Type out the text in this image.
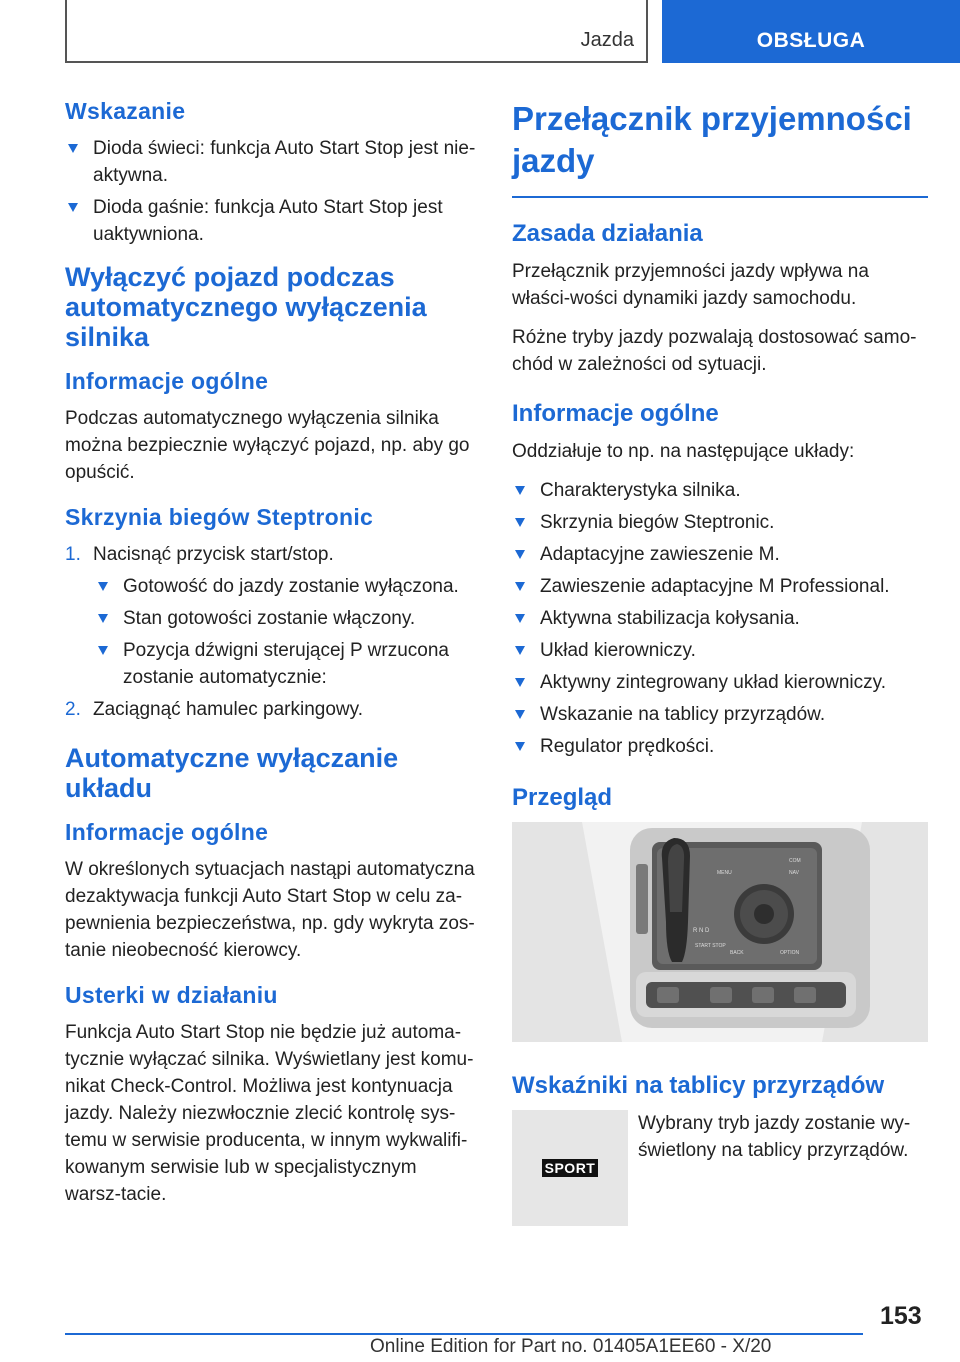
Jazda	OBSŁUGA
Wskazanie
Dioda świeci: funkcja Auto Start Stop jest nie-aktywna.
Dioda gaśnie: funkcja Auto Start Stop jest uaktywniona.
Wyłączyć pojazd podczas automatycznego wyłączenia silnika
Informacje ogólne

Podczas automatycznego wyłączenia silnika można bezpiecznie wyłączyć pojazd, np. aby go opuścić.

Skrzynia biegów Steptronic
1. Nacisnąć przycisk start/stop.
Gotowość do jazdy zostanie wyłączona.
Stan gotowości zostanie włączony.
Pozycja dźwigni sterującej P wrzucona zostanie automatycznie:
2. Zaciągnąć hamulec parkingowy.
Automatyczne wyłączanie układu
Informacje ogólne

W określonych sytuacjach nastąpi automatyczna dezaktywacja funkcji Auto Start Stop w celu za-pewnienia bezpieczeństwa, np. gdy wykryta zos-tanie nieobecność kierowcy.

Usterki w działaniu

Funkcja Auto Start Stop nie będzie już automa-tycznie wyłączać silnika. Wyświetlany jest komu-nikat Check-Control. Możliwa jest kontynuacja jazdy. Należy niezwłocznie zlecić kontrolę sys-temu w serwisie producenta, w innym wykwalifi-kowanym serwisie lub w specjalistycznym warsz-tacie.

Przełącznik przyjemności jazdy
Zasada działania

Przełącznik przyjemności jazdy wpływa na właści-wości dynamiki jazdy samochodu.

Różne tryby jazdy pozwalają dostosować samo-chód w zależności od sytuacji.

Informacje ogólne

Oddziałuje to np. na następujące układy:

Charakterystyka silnika.
Skrzynia biegów Steptronic.
Adaptacyjne zawieszenie M.
Zawieszenie adaptacyjne M Professional.
Aktywna stabilizacja kołysania.
Układ kierowniczy.
Aktywny zintegrowany układ kierowniczy.
Wskazanie na tablicy przyrządów.
Regulator prędkości.
Przegląd
START STOP
R N D
MENU	NAV
COM
BACK	OPTION
Wskaźniki na tablicy przyrządów
SPORT
Wybrany tryb jazdy zostanie wy-świetlony na tablicy przyrządów.
153
Online Edition for Part no. 01405A1EE60 - X/20
